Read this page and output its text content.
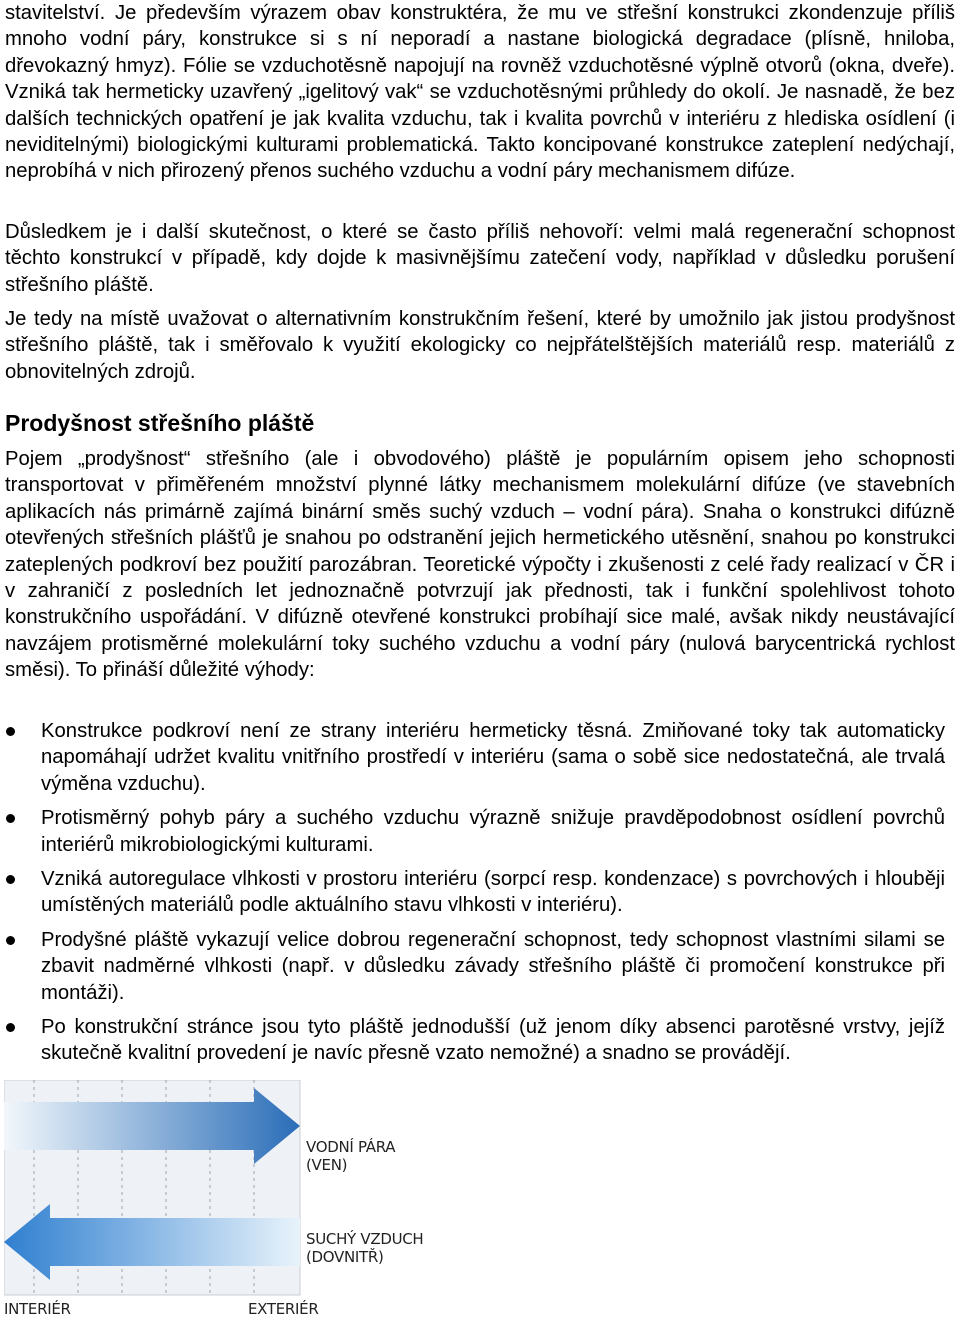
stavitelství. Je především výrazem obav konstruktéra, že mu ve střešní konstrukci zkondenzuje příliš mnoho vodní páry, konstrukce si s ní neporadí a nastane biologická degradace (plísně, hniloba, dřevokazný hmyz). Fólie se vzduchotěsně napojují na rovněž vzduchotěsné výplně otvorů (okna, dveře). Vzniká tak hermeticky uzavřený „igelitový vak“ se vzduchotěsnými průhledy do okolí. Je nasnadě, že bez dalších technických opatření je jak kvalita vzduchu, tak i kvalita povrchů v interiéru z hlediska osídlení (i neviditelnými) biologickými kulturami problematická. Takto koncipované konstrukce zateplení nedýchají, neprobíhá v nich přirozený přenos suchého vzduchu a vodní páry mechanismem difúze.

Důsledkem je i další skutečnost, o které se často příliš nehovoří: velmi malá regenerační schopnost těchto konstrukcí v případě, kdy dojde k masivnějšímu zatečení vody, například v důsledku porušení střešního pláště.

Je tedy na místě uvažovat o alternativním konstrukčním řešení, které by umožnilo jak jistou prodyšnost střešního pláště, tak i směřovalo k využití ekologicky co nejpřátelštějších materiálů resp. materiálů z obnovitelných zdrojů.

Prodyšnost střešního pláště

Pojem „prodyšnost“ střešního (ale i obvodového) pláště je populárním opisem jeho schopnosti transportovat v přiměřeném množství plynné látky mechanismem molekulární difúze (ve stavebních aplikacích nás primárně zajímá binární směs suchý vzduch – vodní pára). Snaha o konstrukci difúzně otevřených střešních plášťů je snahou po odstranění jejich hermetického utěsnění, snahou po konstrukci zateplených podkroví bez použití parozábran. Teoretické výpočty i zkušenosti z celé řady realizací v ČR i v zahraničí z posledních let jednoznačně potvrzují jak přednosti, tak i funkční spolehlivost tohoto konstrukčního uspořádání. V difúzně otevřené konstrukci probíhají sice malé, avšak nikdy neustávající navzájem protisměrné molekulární toky suchého vzduchu a vodní páry (nulová barycentrická rychlost směsi). To přináší důležité výhody:

Konstrukce podkroví není ze strany interiéru hermeticky těsná. Zmiňované toky tak automaticky napomáhají udržet kvalitu vnitřního prostředí v interiéru (sama o sobě sice nedostatečná, ale trvalá výměna vzduchu).
Protisměrný pohyb páry a suchého vzduchu výrazně snižuje pravděpodobnost osídlení povrchů interiérů mikrobiologickými kulturami.
Vzniká autoregulace vlhkosti v prostoru interiéru (sorpcí resp. kondenzace) s povrchových i hlouběji umístěných materiálů podle aktuálního stavu vlhkosti v interiéru).
Prodyšné pláště vykazují velice dobrou regenerační schopnost, tedy schopnost vlastními silami se zbavit nadměrné vlhkosti (např. v důsledku závady střešního pláště či promočení konstrukce při montáži).
Po konstrukční stránce jsou tyto pláště jednodušší (už jenom díky absenci parotěsné vrstvy, jejíž skutečně kvalitní provedení je navíc přesně vzato nemožné) a snadno se provádějí.
VODNÍ PÁRA
(VEN)
SUCHÝ VZDUCH
(DOVNITŘ)
INTERIÉR	EXTERIÉR
